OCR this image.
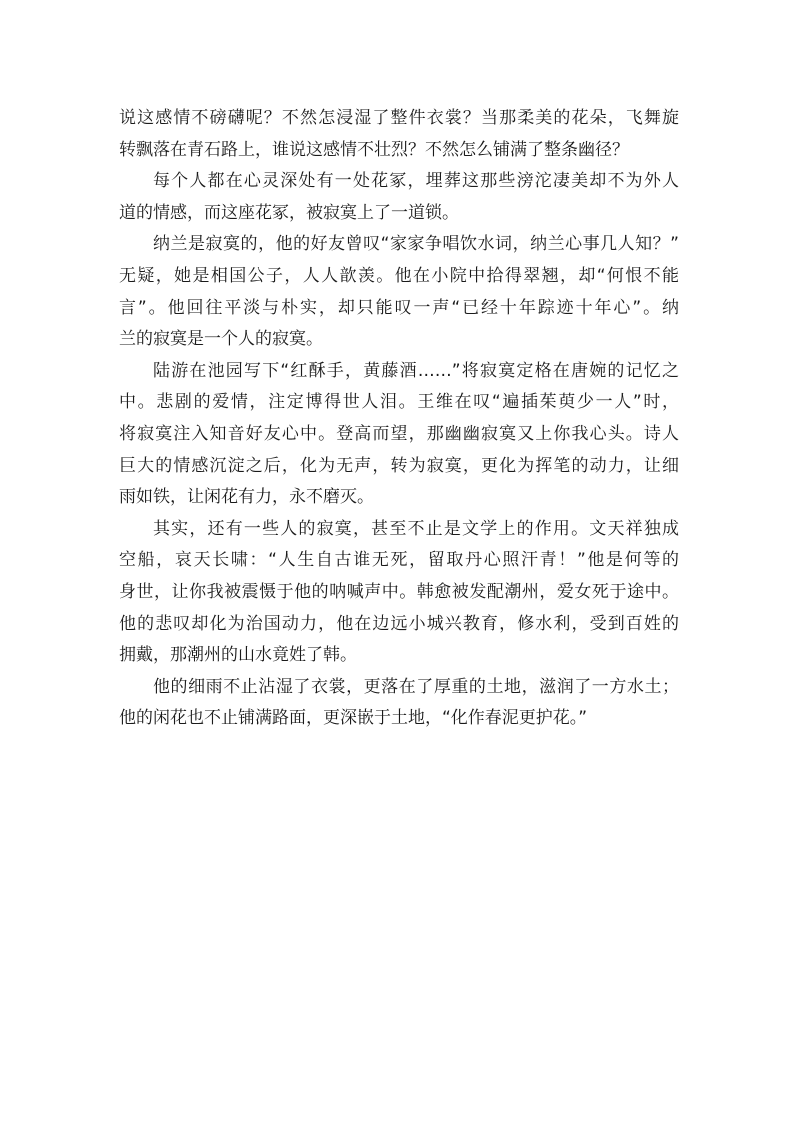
说这感情不磅礴呢？不然怎浸湿了整件衣裳？当那柔美的花朵，飞舞旋
转飘落在青石路上，谁说这感情不壮烈？不然怎么铺满了整条幽径？
每个人都在心灵深处有一处花冢，埋葬这那些滂沱凄美却不为外人
道的情感，而这座花冢，被寂寞上了一道锁。
纳兰是寂寞的，他的好友曾叹“家家争唱饮水词，纳兰心事几人知？”
无疑，她是相国公子，人人歆羡。他在小院中拾得翠翘，却“何恨不能
言”。他回往平淡与朴实，却只能叹一声“已经十年踪迹十年心”。纳
兰的寂寞是一个人的寂寞。
陆游在池园写下“红酥手，黄藤酒……”将寂寞定格在唐婉的记忆之
中。悲剧的爱情，注定博得世人泪。王维在叹“遍插茱萸少一人”时，
将寂寞注入知音好友心中。登高而望，那幽幽寂寞又上你我心头。诗人
巨大的情感沉淀之后，化为无声，转为寂寞，更化为挥笔的动力，让细
雨如铁，让闲花有力，永不磨灭。
其实，还有一些人的寂寞，甚至不止是文学上的作用。文天祥独成
空船，哀天长啸：“人生自古谁无死，留取丹心照汗青！”他是何等的
身世，让你我被震慑于他的呐喊声中。韩愈被发配潮州，爱女死于途中。
他的悲叹却化为治国动力，他在边远小城兴教育，修水利，受到百姓的
拥戴，那潮州的山水竟姓了韩。
他的细雨不止沾湿了衣裳，更落在了厚重的土地，滋润了一方水土；
他的闲花也不止铺满路面，更深嵌于土地，“化作春泥更护花。”
